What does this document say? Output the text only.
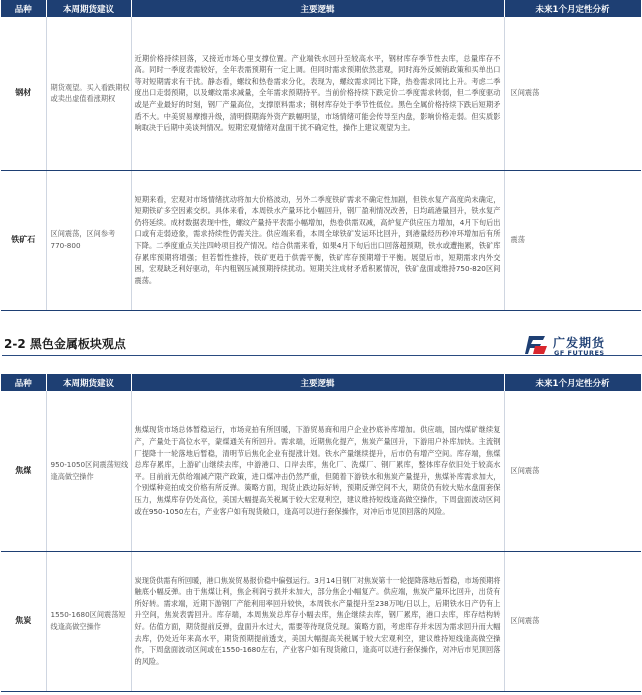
品种	本周期货建议	主要逻辑	未来1个月定性分析
钢材	期货观望。买入看跌期权或卖出虚值看涨期权	近期价格持续回落，又接近市场心里支撑位置。产业端铁水回升至较高水平，钢材库存季节性去库，总量库存不高。同时一季度表需较好，全年表需预期有一定上调。但同时需求预期依然悲观，同时海外反倾销政策和买单出口等对短期需求有干扰。静态看，螺纹和热卷需求分化，表现为，螺纹需求同比下降，热卷需求同比上升。考虑二季度出口走弱预期，以及螺纹需求减量，全年需求预期持平。当前价格持续下跌定价二季度需求转弱，但二季度驱动或是产业最好的时刻，钢厂产量高位，支撑原料需求；钢材库存处于季节性低位。黑色全属价格持续下跌后短期矛盾不大。中美贸易摩擦升级，清明假期海外资产跌幅明显，市场情绪可能会传导至内盘，影响价格走弱。但实质影响取决于后期中美谈判情况。短期宏观情绪对盘面干扰不确定性，操作上建议观望为主。	区间震荡
铁矿石	区间震荡，区间参考770-800	短期来看，宏观对市场情绪扰动将加大价格波动，另外二季度铁矿需求不确定性加剧，但铁水复产高度尚未确定，短期铁矿多空因素交织。具体来看，本周铁水产量环比小幅回升，钢厂盈利情况改善，日均疏港量回升，铁水复产仍将延续。成材数据表现中性，螺纹产量持平表需小幅增加，热卷供需双减，高炉复产供应压力增加，4月下旬后出口或有走弱迹象，需求持续性仍需关注。供应端来看，本周全球铁矿发运环比回升，到港量经历秒冲环增加后有所下降。二季度重点关注四岭项目投产情况。结合供需来看，如果4月下旬后出口回落超预期，铁水或遭拖累，铁矿库存累库预期将增强；但若暂性推持，铁矿更趋于供需平衡，铁矿库存预期增于平衡。展望后市，短期需求内外交困，宏观缺乏利好驱动，年内粗钢压减预期持续扰动。短期关注成材矛盾积累情况，铁矿盘面或维持750-820区间震荡。	震荡
2-2 黑色金属板块观点	广发期货
GF FUTURES
品种	本周期货建议	主要逻辑	未来1个月定性分析
焦煤	950-1050区间震荡短线逢高做空操作	焦煤现货市场总体暂稳运行，市场竞拍有所回暖，下游贸易商和用户企业抄底补库增加。供应端，国内煤矿继续复产，产量处于高位水平，蒙煤通关有所回升。需求端，近期焦化提产，焦炭产量回升，下游用户补库加快。主流钢厂提降十一轮落地后暂稳，清明节后焦化企业有提涨计划。铁水产量继续提升，后市仍有增产空间。库存端，焦煤总库存累库，上游矿山继续去库，中游港口、口岸去库，焦化厂、洗煤厂、钢厂累库，整体库存依旧处于较高水平。目前前无供给端减产限产政策，进口煤冲击仍然严重，但随着下游铁水和焦炭产量提升，焦煤补库需求加大，个别煤种竞拍成交价格有所反弹。策略方面，现货止跌边际好转，预期反弹空间不大，期货仍有较大贴水盘面套保压力，焦煤库存仍处高位，美国大幅提高关税属于较大宏观利空，建议维持短线逢高做空操作，下周盘面波动区间或在950-1050左右，产业客户如有现货敞口，逢高可以进行套保操作，对冲后市见顶回落的风险。	区间震荡
焦炭	1550-1680区间震荡短线逢高做空操作	炭现货供需有所回暖，港口焦炭贸易报价稳中偏强运行。3月14日钢厂对焦炭第十一轮提降落地后暂稳，市场预期将触底小幅反弹。由于焦煤让利，焦企利润亏损并未加大，部分焦企小幅复产。供应端，焦炭产量环比回升，出货有所好转。需求端，近期下游钢厂产能利用率回升较快，本周铁水产量提升至238万吨/日以上，后期铁水日产仍有上升空间，焦炭表需回升。库存端，本周焦炭总库存小幅去库，焦企继续去库，钢厂累库，港口去库，库存结构转好。估值方面，期货提前反弹，盘面升水过大，需要等待现货兑现。策略方面，考虑库存并未因为需求回升而大幅去库，仍处近年来高水平，期货预期提前透支，美国大幅提高关税属于较大宏观利空，建议维持短线逢高做空操作，下周盘面波动区间或在1550-1680左右，产业客户如有现货敞口，逢高可以进行套保操作，对冲后市见顶回落的风险。	区间震荡
